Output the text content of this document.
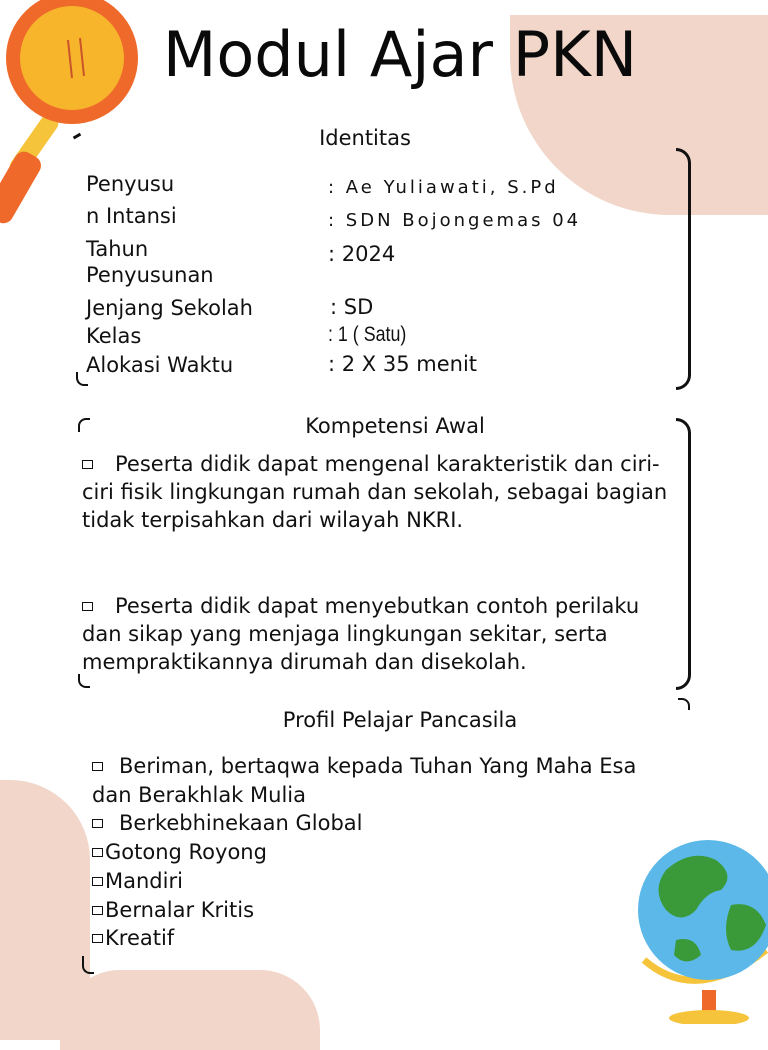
Modul Ajar PKN
Identitas
Penyusu	: Ae Yuliawati, S.Pd
n Intansi	: SDN Bojongemas 04
Tahun
Penyusunan
: 2024
Jenjang Sekolah	: SD
Kelas	: 1 ( Satu)
Alokasi Waktu	: 2 X 35 menit
Kompetensi Awal
Peserta didik dapat mengenal karakteristik dan ciri-ciri fisik lingkungan rumah dan sekolah, sebagai bagian tidak terpisahkan dari wilayah NKRI.
Peserta didik dapat menyebutkan contoh perilaku dan sikap yang menjaga lingkungan sekitar, serta mempraktikannya dirumah dan disekolah.
Profil Pelajar Pancasila
Beriman, bertaqwa kepada Tuhan Yang Maha Esa dan Berakhlak Mulia
Berkebhinekaan Global
Gotong Royong
Mandiri
Bernalar Kritis
Kreatif
